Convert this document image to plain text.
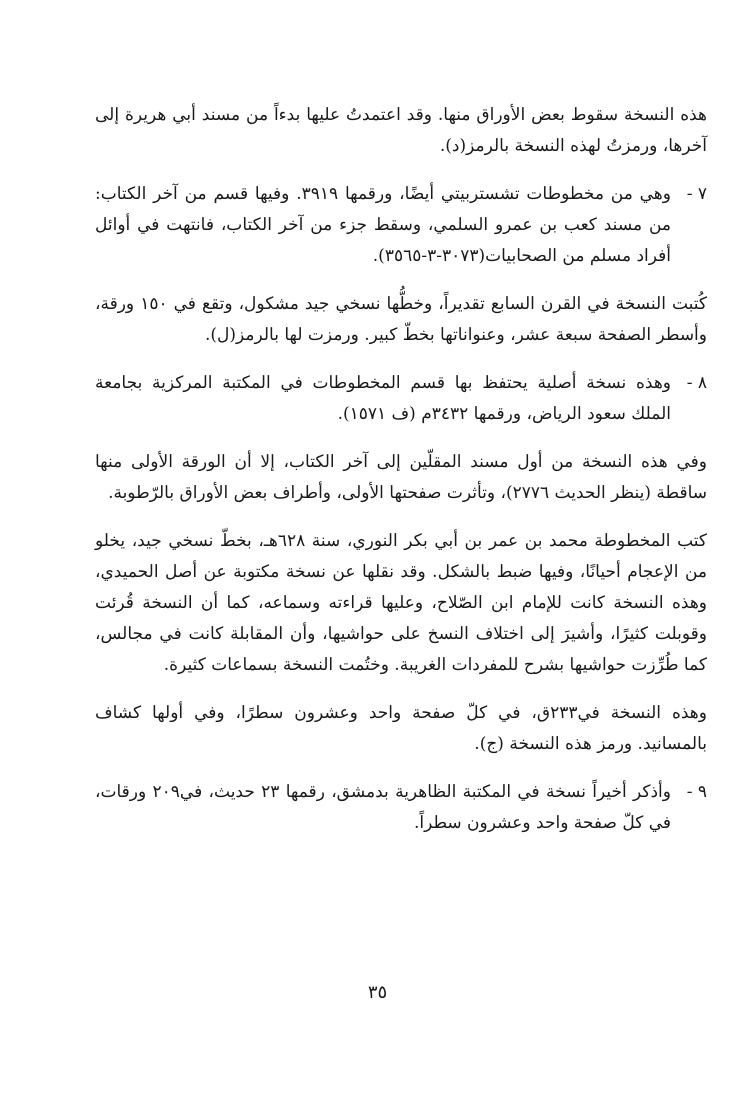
هذه النسخة سقوط بعض الأوراق منها. وقد اعتمدتُ عليها بدءاً من مسند أبي هريرة إلى آخرها، ورمزتُ لهذه النسخة بالرمز(د).

٧ -
وهي من مخطوطات تشستربيتي أيضًا، ورقمها ٣٩١٩. وفيها قسم من آخر الكتاب: من مسند كعب بن عمرو السلمي، وسقط جزء من آخر الكتاب، فانتهت في أوائل أفراد مسلم من الصحابيات(٣٠٧٣-٣-٣٥٦٥).

كُتبت النسخة في القرن السابع تقديراً، وخطُّها نسخي جيد مشكول، وتقع في ١٥٠ ورقة، وأسطر الصفحة سبعة عشر، وعنواناتها بخطّ كبير. ورمزت لها بالرمز(ل).

٨ -
وهذه نسخة أصلية يحتفظ بها قسم المخطوطات في المكتبة المركزية بجامعة الملك سعود الرياض، ورقمها ٣٤٣٢م (ف ١٥٧١).

وفي هذه النسخة من أول مسند المقلّين إلى آخر الكتاب، إلا أن الورقة الأولى منها ساقطة (ينظر الحديث ٢٧٧٦)، وتأثرت صفحتها الأولى، وأطراف بعض الأوراق بالرّطوبة.

كتب المخطوطة محمد بن عمر بن أبي بكر النوري، سنة ٦٢٨هـ، بخطّ نسخي جيد، يخلو من الإعجام أحيانًا، وفيها ضبط بالشكل. وقد نقلها عن نسخة مكتوبة عن أصل الحميدي، وهذه النسخة كانت للإمام ابن الصّلاح، وعليها قراءته وسماعه، كما أن النسخة قُرئت وقوبلت كثيرًا، وأشيرَ إلى اختلاف النسخ على حواشيها، وأن المقابلة كانت في مجالس، كما طُرِّزت حواشيها بشرح للمفردات الغريبة. وختُمت النسخة بسماعات كثيرة.

وهذه النسخة في٢٣٣ق، في كلّ صفحة واحد وعشرون سطرًا، وفي أولها كشاف بالمسانيد. ورمز هذه النسخة (ج).

٩ -
وأذكر أخيراً نسخة في المكتبة الظاهرية بدمشق، رقمها ٢٣ حديث، في٢٠٩ ورقات، في كلّ صفحة واحد وعشرون سطراً.
٣٥
